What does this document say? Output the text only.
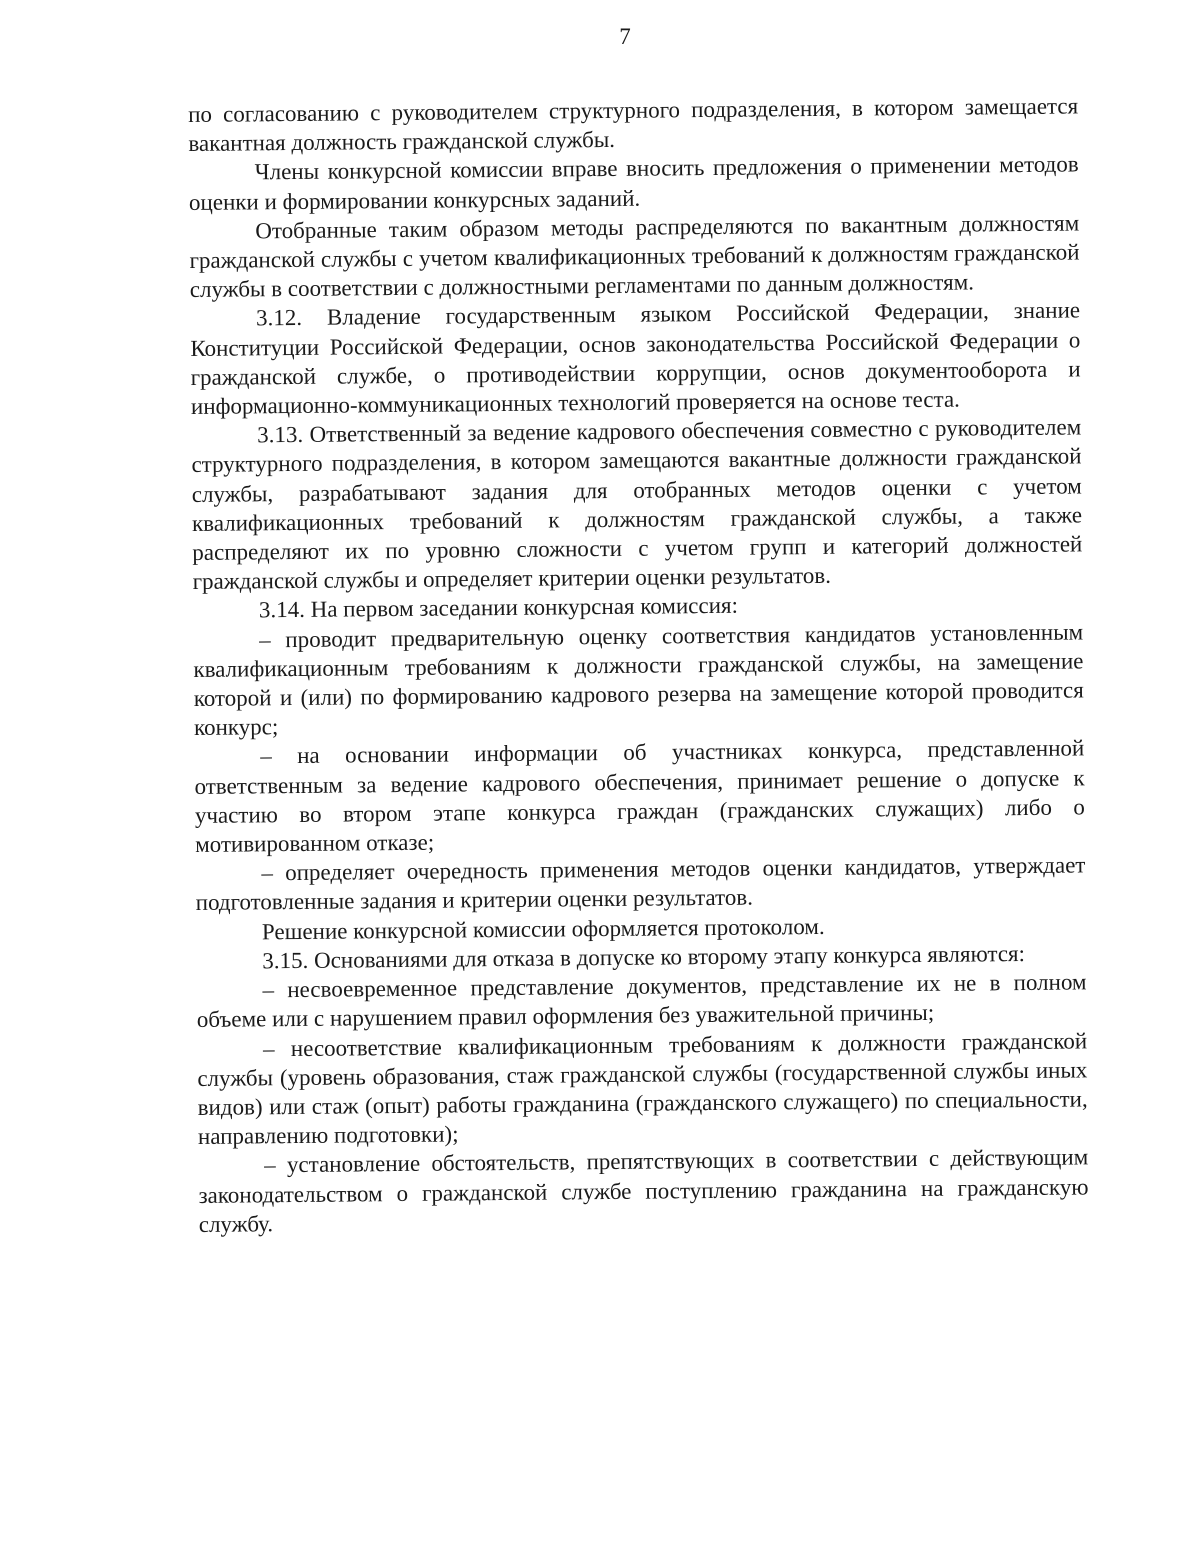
7

по согласованию с руководителем структурного подразделения, в котором замещается вакантная должность гражданской службы.

Члены конкурсной комиссии вправе вносить предложения о применении методов оценки и формировании конкурсных заданий.

Отобранные таким образом методы распределяются по вакантным должностям гражданской службы с учетом квалификационных требований к должностям гражданской службы в соответствии с должностными регламентами по данным должностям.

3.12. Владение государственным языком Российской Федерации, знание Конституции Российской Федерации, основ законодательства Российской Федерации о гражданской службе, о противодействии коррупции, основ документооборота и информационно-коммуникационных технологий проверяется на основе теста.

3.13. Ответственный за ведение кадрового обеспечения совместно с руководителем структурного подразделения, в котором замещаются вакантные должности гражданской службы, разрабатывают задания для отобранных методов оценки с учетом квалификационных требований к должностям гражданской службы, а также распределяют их по уровню сложности с учетом групп и категорий должностей гражданской службы и определяет критерии оценки результатов.

3.14. На первом заседании конкурсная комиссия:

– проводит предварительную оценку соответствия кандидатов установленным квалификационным требованиям к должности гражданской службы, на замещение которой и (или) по формированию кадрового резерва на замещение которой проводится конкурс;

– на основании информации об участниках конкурса, представленной ответственным за ведение кадрового обеспечения, принимает решение о допуске к участию во втором этапе конкурса граждан (гражданских служащих) либо о мотивированном отказе;

– определяет очередность применения методов оценки кандидатов, утверждает подготовленные задания и критерии оценки результатов.

Решение конкурсной комиссии оформляется протоколом.

3.15. Основаниями для отказа в допуске ко второму этапу конкурса являются:

– несвоевременное представление документов, представление их не в полном объеме или с нарушением правил оформления без уважительной причины;

– несоответствие квалификационным требованиям к должности гражданской службы (уровень образования, стаж гражданской службы (государственной службы иных видов) или стаж (опыт) работы гражданина (гражданского служащего) по специальности, направлению подготовки);

– установление обстоятельств, препятствующих в соответствии с действующим законодательством о гражданской службе поступлению гражданина на гражданскую службу.
